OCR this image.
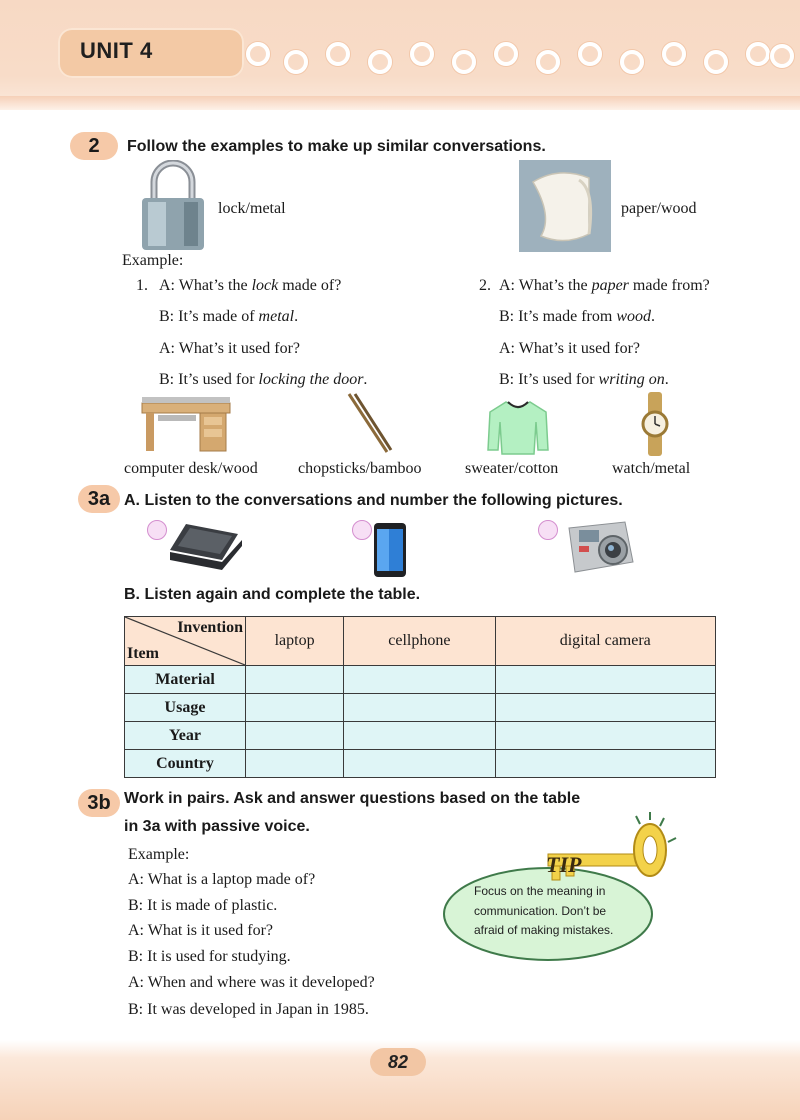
UNIT 4
2	Follow the examples to make up similar conversations.
lock/metal	paper/wood
Example:
1. A: What’s the lock made of?
B: It’s made of metal.
A: What’s it used for?
B: It’s used for locking the door.
2. A: What’s the paper made from?
B: It’s made from wood.
A: What’s it used for?
B: It’s used for writing on.
computer desk/wood	chopsticks/bamboo	sweater/cotton	watch/metal
3a A. Listen to the conversations and number the following pictures.
B. Listen again and complete the table.
Invention
Item	laptop	cellphone	digital camera
Material			
Usage			
Year			
Country			
3b Work in pairs. Ask and answer questions based on the table
in 3a with passive voice.
Example:
A: What is a laptop made of?
B: It is made of plastic.
A: What is it used for?
B: It is used for studying.
A: When and where was it developed?
B: It was developed in Japan in 1985.
TIP
Focus on the meaning in
communication. Don’t be
afraid of making mistakes.
82
